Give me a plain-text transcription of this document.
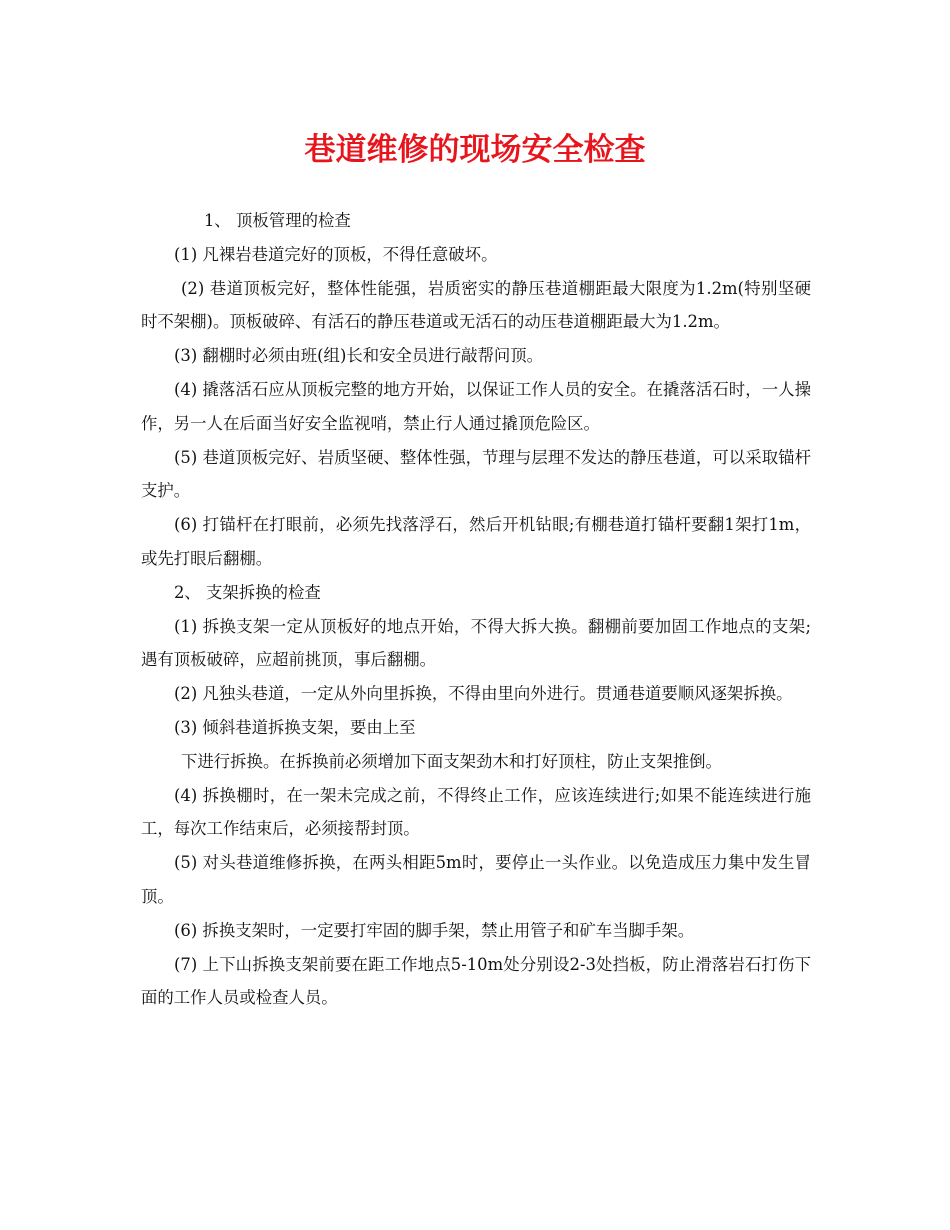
巷道维修的现场安全检查

1、 顶板管理的检查

(1) 凡裸岩巷道完好的顶板，不得任意破坏。

(2) 巷道顶板完好，整体性能强，岩质密实的静压巷道棚距最大限度为1.2m(特别坚硬时不架棚)。顶板破碎、有活石的静压巷道或无活石的动压巷道棚距最大为1.2m。

(3) 翻棚时必须由班(组)长和安全员进行敲帮问顶。

(4) 撬落活石应从顶板完整的地方开始，以保证工作人员的安全。在撬落活石时，一人操作，另一人在后面当好安全监视哨，禁止行人通过撬顶危险区。

(5) 巷道顶板完好、岩质坚硬、整体性强，节理与层理不发达的静压巷道，可以采取锚杆支护。

(6) 打锚杆在打眼前，必须先找落浮石，然后开机钻眼;有棚巷道打锚杆要翻1架打1m，或先打眼后翻棚。

2、 支架拆换的检查

(1) 拆换支架一定从顶板好的地点开始，不得大拆大换。翻棚前要加固工作地点的支架;遇有顶板破碎，应超前挑顶，事后翻棚。

(2) 凡独头巷道，一定从外向里拆换，不得由里向外进行。贯通巷道要顺风逐架拆换。

(3) 倾斜巷道拆换支架，要由上至

下进行拆换。在拆换前必须增加下面支架劲木和打好顶柱，防止支架推倒。

(4) 拆换棚时，在一架未完成之前，不得终止工作，应该连续进行;如果不能连续进行施工，每次工作结束后，必须接帮封顶。

(5) 对头巷道维修拆换，在两头相距5m时，要停止一头作业。以免造成压力集中发生冒顶。

(6) 拆换支架时，一定要打牢固的脚手架，禁止用管子和矿车当脚手架。

(7) 上下山拆换支架前要在距工作地点5-10m处分别设2-3处挡板，防止滑落岩石打伤下面的工作人员或检查人员。
